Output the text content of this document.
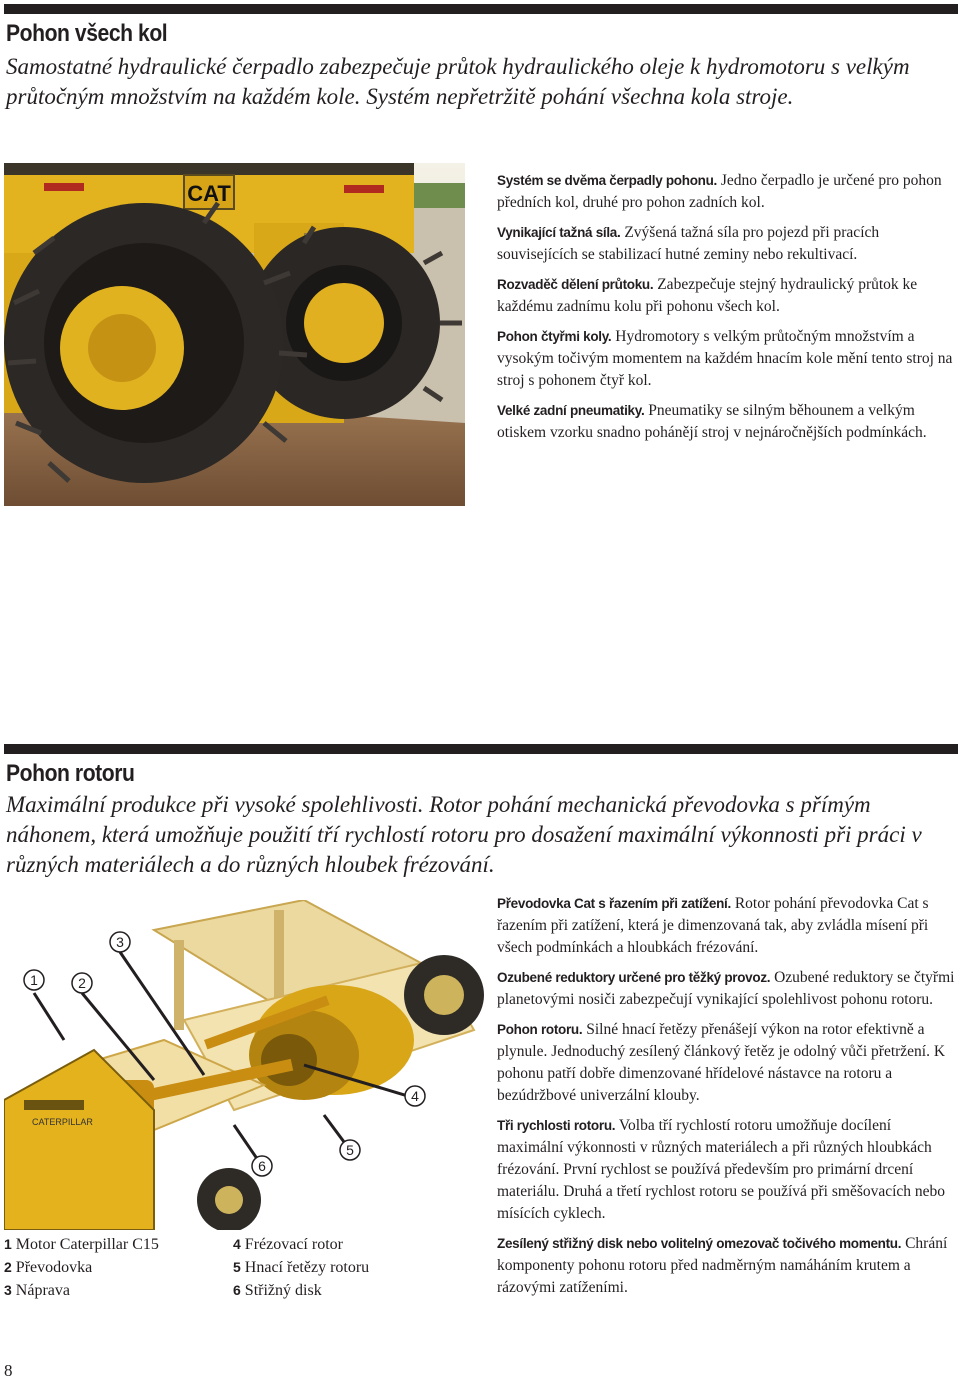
Pohon všech kol

Samostatné hydraulické čerpadlo zabezpečuje průtok hydraulického oleje k hydromotoru s velkým průtočným množstvím na každém kole. Systém nepřetržitě pohání všechna kola stroje.

CAT

Systém se dvěma čerpadly pohonu. Jedno čerpadlo je určené pro pohon předních kol, druhé pro pohon zadních kol.

Vynikající tažná síla. Zvýšená tažná síla pro pojezd při pracích souvisejících se stabilizací hutné zeminy nebo rekultivací.

Rozvaděč dělení průtoku. Zabezpečuje stejný hydraulický průtok ke každému zadnímu kolu při pohonu všech kol.

Pohon čtyřmi koly. Hydromotory s velkým průtočným množstvím a vysokým točivým momentem na každém hnacím kole mění tento stroj na stroj s pohonem čtyř kol.

Velké zadní pneumatiky. Pneumatiky se silným běhounem a velkým otiskem vzorku snadno pohánějí stroj v nejnáročnějších podmínkách.

Pohon rotoru

Maximální produkce při vysoké spolehlivosti. Rotor pohání mechanická převodovka s přímým náhonem, která umožňuje použití tří rychlostí rotoru pro dosažení maximální výkonnosti při práci v různých materiálech a do různých hloubek frézování.

CATERPILLAR
1	2
3
4
5
6
1 Motor Caterpillar C15
2 Převodovka
3 Náprava
4 Frézovací rotor
5 Hnací řetězy rotoru
6 Střižný disk

Převodovka Cat s řazením při zatížení. Rotor pohání převodovka Cat s řazením při zatížení, která je dimenzovaná tak, aby zvládla mísení při všech podmínkách a hloubkách frézování.

Ozubené reduktory určené pro těžký provoz. Ozubené reduktory se čtyřmi planetovými nosiči zabezpečují vynikající spolehlivost pohonu rotoru.

Pohon rotoru. Silné hnací řetězy přenášejí výkon na rotor efektivně a plynule. Jednoduchý zesílený článkový řetěz je odolný vůči přetržení. K pohonu patří dobře dimenzované hřídelové nástavce na rotoru a bezúdržbové univerzální klouby.

Tři rychlosti rotoru. Volba tří rychlostí rotoru umožňuje docílení maximální výkonnosti v různých materiálech a při různých hloubkách frézování. První rychlost se používá především pro primární drcení materiálu. Druhá a třetí rychlost rotoru se používá při směšovacích nebo mísících cyklech.

Zesílený střižný disk nebo volitelný omezovač točivého momentu. Chrání komponenty pohonu rotoru před nadměrným namáháním krutem a rázovými zatíženími.

8
